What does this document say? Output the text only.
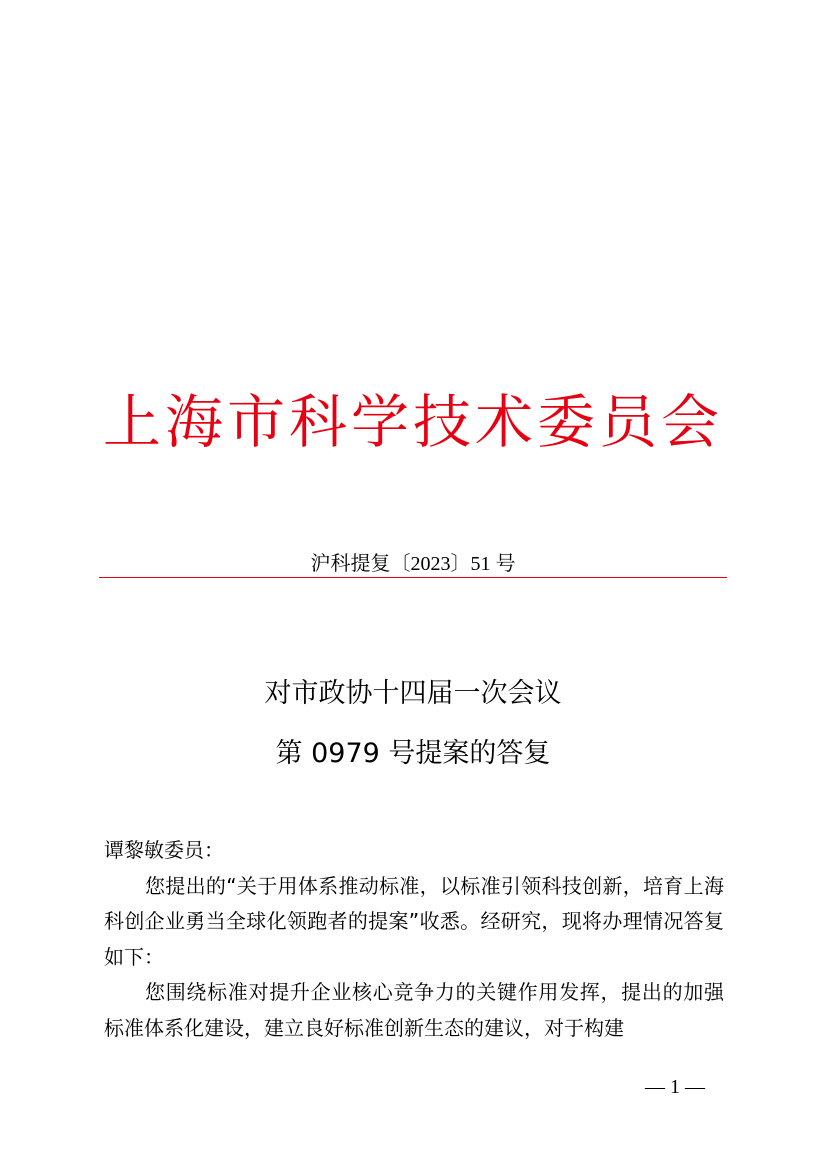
上海市科学技术委员会
沪科提复〔2023〕51 号
对市政协十四届一次会议
第 0979 号提案的答复

谭黎敏委员：

您提出的“关于用体系推动标准，以标准引领科技创新，培育上海科创企业勇当全球化领跑者的提案”收悉。经研究，现将办理情况答复如下：

您围绕标准对提升企业核心竞争力的关键作用发挥，提出的加强标准体系化建设，建立良好标准创新生态的建议，对于构建

— 1 —
